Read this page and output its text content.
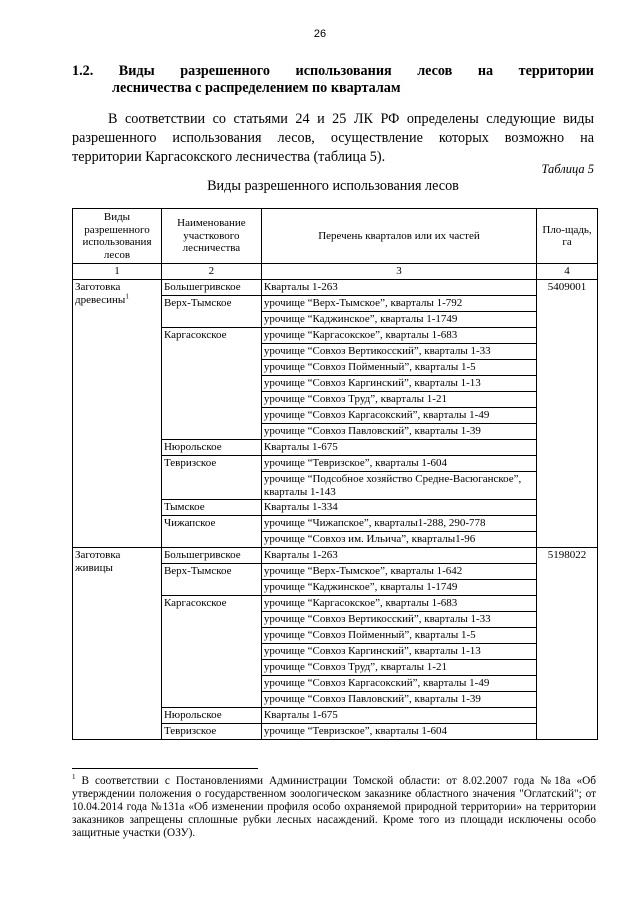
26
1.2. Виды разрешенного использования лесов на территории
лесничества с распределением по кварталам
В соответствии со статьями 24 и 25 ЛК РФ определены следующие виды
разрешенного использования лесов, осуществление которых возможно на
территории Каргасокского лесничества (таблица 5).
Таблица 5
Виды разрешенного использования лесов
Виды разрешенного использования лесов	Наименование участкового лесничества	Перечень кварталов или их частей	Пло-щадь, га
1	2	3	4
Заготовка древесины$^1$	Большегривское	Кварталы 1-263	5409001
	Верх-Тымское	урочище “Верх-Тымское”, кварталы 1-792	
		урочище “Каджинское”, кварталы 1-1749	
	Каргасокское	урочище “Каргасокское”, кварталы 1-683	
		урочище “Совхоз Вертикосский”, кварталы 1-33	
		урочище “Совхоз Пойменный”, кварталы 1-5	
		урочище “Совхоз Каргинский”, кварталы 1-13	
		урочище “Совхоз Труд”, кварталы 1-21	
		урочище “Совхоз Каргасокский”, кварталы 1-49	
		урочище “Совхоз Павловский”, кварталы 1-39	
	Нюрольское	Кварталы 1-675	
	Тевризское	урочище “Тевризское”, кварталы 1-604	
		урочище “Подсобное хозяйство Средне-Васюганское”, кварталы 1-143	
	Тымское	Кварталы 1-334	
	Чижапское	урочище “Чижапское”, кварталы1-288, 290-778	
		урочище “Совхоз им. Ильича”, кварталы1-96	
Заготовка живицы	Большегривское	Кварталы 1-263	5198022
	Верх-Тымское	урочище “Верх-Тымское”, кварталы 1-642	
		урочище “Каджинское”, кварталы 1-1749	
	Каргасокское	урочище “Каргасокское”, кварталы 1-683	
		урочище “Совхоз Вертикосский”, кварталы 1-33	
		урочище “Совхоз Пойменный”, кварталы 1-5	
		урочище “Совхоз Каргинский”, кварталы 1-13	
		урочище “Совхоз Труд”, кварталы 1-21	
		урочище “Совхоз Каргасокский”, кварталы 1-49	
		урочище “Совхоз Павловский”, кварталы 1-39	
	Нюрольское	Кварталы 1-675	
	Тевризское	урочище “Тевризское”, кварталы 1-604	
$^1$ В соответствии с Постановлениями Администрации Томской области: от 8.02.2007 года №18а «Об утверждении положения о государственном зоологическом заказнике областного значения "Оглатский"; от 10.04.2014 года №131а «Об изменении профиля особо охраняемой природной территории» на территории заказников запрещены сплошные рубки лесных насаждений. Кроме того из площади исключены особо защитные участки (ОЗУ).
